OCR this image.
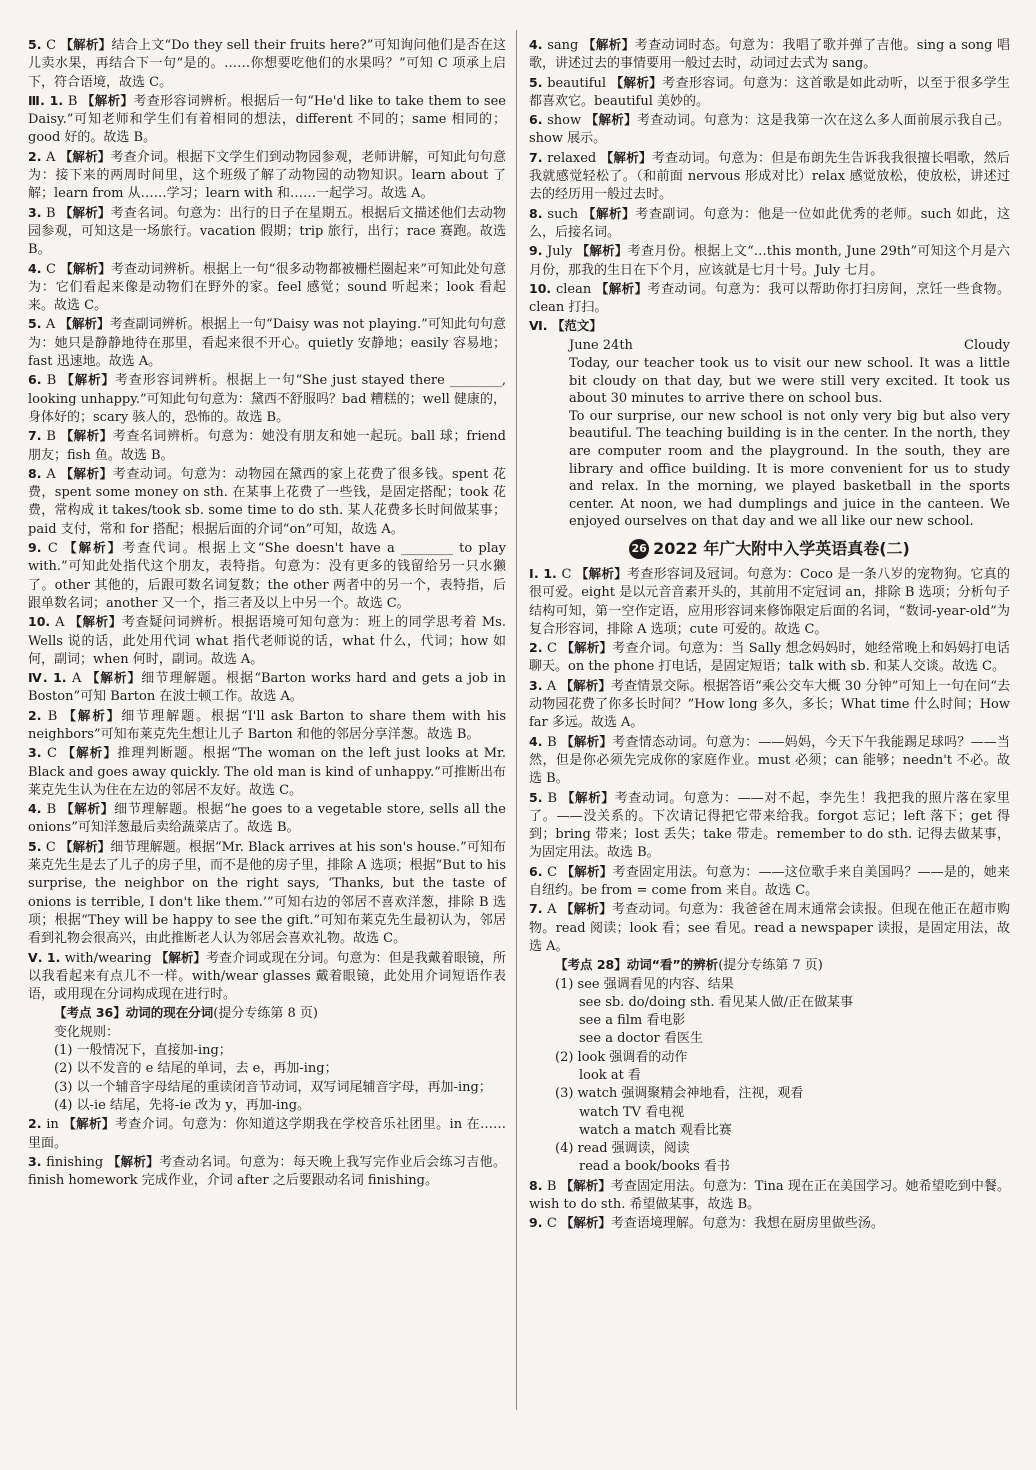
5. C 【解析】结合上文“Do they sell their fruits here?”可知询问他们是否在这儿卖水果，再结合下一句“是的。……你想要吃他们的水果吗？”可知 C 项承上启下，符合语境，故选 C。

Ⅲ. 1. B 【解析】考查形容词辨析。根据后一句“He'd like to take them to see Daisy.”可知老师和学生们有着相同的想法，different 不同的；same 相同的；good 好的。故选 B。

2. A 【解析】考查介词。根据下文学生们到动物园参观，老师讲解，可知此句句意为：接下来的两周时间里，这个班级了解了动物园的动物知识。learn about 了解；learn from 从……学习；learn with 和……一起学习。故选 A。

3. B 【解析】考查名词。句意为：出行的日子在星期五。根据后文描述他们去动物园参观，可知这是一场旅行。vacation 假期；trip 旅行，出行；race 赛跑。故选 B。

4. C 【解析】考查动词辨析。根据上一句“很多动物都被栅栏圈起来”可知此处句意为：它们看起来像是动物们在野外的家。feel 感觉；sound 听起来；look 看起来。故选 C。

5. A 【解析】考查副词辨析。根据上一句“Daisy was not playing.”可知此句句意为：她只是静静地待在那里，看起来很不开心。quietly 安静地；easily 容易地；fast 迅速地。故选 A。

6. B 【解析】考查形容词辨析。根据上一句“She just stayed there ________, looking unhappy.”可知此句句意为：黛西不舒服吗？bad 糟糕的；well 健康的，身体好的；scary 骇人的，恐怖的。故选 B。

7. B 【解析】考查名词辨析。句意为：她没有朋友和她一起玩。ball 球；friend 朋友；fish 鱼。故选 B。

8. A 【解析】考查动词。句意为：动物园在黛西的家上花费了很多钱。spent 花费，spent some money on sth. 在某事上花费了一些钱，是固定搭配；took 花费，常构成 it takes/took sb. some time to do sth. 某人花费多长时间做某事；paid 支付，常和 for 搭配；根据后面的介词“on”可知，故选 A。

9. C 【解析】考查代词。根据上文“She doesn't have a ________ to play with.”可知此处指代这个朋友，表特指。句意为：没有更多的钱留给另一只水獭了。other 其他的，后跟可数名词复数；the other 两者中的另一个，表特指，后跟单数名词；another 又一个，指三者及以上中另一个。故选 C。

10. A 【解析】考查疑问词辨析。根据语境可知句意为：班上的同学思考着 Ms. Wells 说的话，此处用代词 what 指代老师说的话，what 什么，代词；how 如何，副词；when 何时，副词。故选 A。

Ⅳ. 1. A 【解析】细节理解题。根据“Barton works hard and gets a job in Boston”可知 Barton 在波士顿工作。故选 A。

2. B 【解析】细节理解题。根据“I'll ask Barton to share them with his neighbors”可知布莱克先生想让儿子 Barton 和他的邻居分享洋葱。故选 B。

3. C 【解析】推理判断题。根据“The woman on the left just looks at Mr. Black and goes away quickly. The old man is kind of unhappy.”可推断出布莱克先生认为住在左边的邻居不友好。故选 C。

4. B 【解析】细节理解题。根据“he goes to a vegetable store, sells all the onions”可知洋葱最后卖给蔬菜店了。故选 B。

5. C 【解析】细节理解题。根据“Mr. Black arrives at his son's house.”可知布莱克先生是去了儿子的房子里，而不是他的房子里，排除 A 选项；根据“But to his surprise, the neighbor on the right says, ‘Thanks, but the taste of onions is terrible, I don't like them.’”可知右边的邻居不喜欢洋葱，排除 B 选项；根据“They will be happy to see the gift.”可知布莱克先生最初认为，邻居看到礼物会很高兴，由此推断老人认为邻居会喜欢礼物。故选 C。

Ⅴ. 1. with/wearing 【解析】考查介词或现在分词。句意为：但是我戴着眼镜，所以我看起来有点儿不一样。with/wear glasses 戴着眼镜，此处用介词短语作表语，或用现在分词构成现在进行时。

【考点 36】动词的现在分词(提分专练第 8 页)

变化规则：

(1) 一般情况下，直接加-ing；

(2) 以不发音的 e 结尾的单词，去 e，再加-ing；

(3) 以一个辅音字母结尾的重读闭音节动词，双写词尾辅音字母，再加-ing；

(4) 以-ie 结尾，先将-ie 改为 y，再加-ing。

2. in 【解析】考查介词。句意为：你知道这学期我在学校音乐社团里。in 在……里面。

3. finishing 【解析】考查动名词。句意为：每天晚上我写完作业后会练习吉他。finish homework 完成作业，介词 after 之后要跟动名词 finishing。

4. sang 【解析】考查动词时态。句意为：我唱了歌并弹了吉他。sing a song 唱歌，讲述过去的事情要用一般过去时，动词过去式为 sang。

5. beautiful 【解析】考查形容词。句意为：这首歌是如此动听，以至于很多学生都喜欢它。beautiful 美妙的。

6. show 【解析】考查动词。句意为：这是我第一次在这么多人面前展示我自己。show 展示。

7. relaxed 【解析】考查动词。句意为：但是布朗先生告诉我我很擅长唱歌，然后我就感觉轻松了。（和前面 nervous 形成对比）relax 感觉放松，使放松，讲述过去的经历用一般过去时。

8. such 【解析】考查副词。句意为：他是一位如此优秀的老师。such 如此，这么，后接名词。

9. July 【解析】考查月份。根据上文“…this month, June 29th”可知这个月是六月份，那我的生日在下个月，应该就是七月十号。July 七月。

10. clean 【解析】考查动词。句意为：我可以帮助你打扫房间，烹饪一些食物。clean 打扫。

Ⅵ. 【范文】

June 24th	Cloudy

Today, our teacher took us to visit our new school. It was a little bit cloudy on that day, but we were still very excited. It took us about 30 minutes to arrive there on school bus.

To our surprise, our new school is not only very big but also very beautiful. The teaching building is in the center. In the north, they are computer room and the playground. In the south, they are library and office building. It is more convenient for us to study and relax. In the morning, we played basketball in the sports center. At noon, we had dumplings and juice in the canteen. We enjoyed ourselves on that day and we all like our new school.

26 2022 年广大附中入学英语真卷(二)

Ⅰ. 1. C 【解析】考查形容词及冠词。句意为：Coco 是一条八岁的宠物狗。它真的很可爱。eight 是以元音音素开头的，其前用不定冠词 an，排除 B 选项；分析句子结构可知，第一空作定语，应用形容词来修饰限定后面的名词，“数词-year-old”为复合形容词，排除 A 选项；cute 可爱的。故选 C。

2. C 【解析】考查介词。句意为：当 Sally 想念妈妈时，她经常晚上和妈妈打电话聊天。on the phone 打电话，是固定短语；talk with sb. 和某人交谈。故选 C。

3. A 【解析】考查情景交际。根据答语“乘公交车大概 30 分钟”可知上一句在问“去动物园花费了你多长时间？”How long 多久，多长；What time 什么时间；How far 多远。故选 A。

4. B 【解析】考查情态动词。句意为：——妈妈，今天下午我能踢足球吗？——当然，但是你必须先完成你的家庭作业。must 必须；can 能够；needn't 不必。故选 B。

5. B 【解析】考查动词。句意为：——对不起，李先生！我把我的照片落在家里了。——没关系的。下次请记得把它带来给我。forgot 忘记；left 落下；get 得到；bring 带来；lost 丢失；take 带走。remember to do sth. 记得去做某事，为固定用法。故选 B。

6. C 【解析】考查固定用法。句意为：——这位歌手来自美国吗？——是的，她来自纽约。be from = come from 来自。故选 C。

7. A 【解析】考查动词。句意为：我爸爸在周末通常会读报。但现在他正在超市购物。read 阅读；look 看；see 看见。read a newspaper 读报，是固定用法，故选 A。

【考点 28】动词“看”的辨析(提分专练第 7 页)

(1) see 强调看见的内容、结果

see sb. do/doing sth. 看见某人做/正在做某事

see a film 看电影

see a doctor 看医生

(2) look 强调看的动作

look at 看

(3) watch 强调聚精会神地看，注视，观看

watch TV 看电视

watch a match 观看比赛

(4) read 强调读，阅读

read a book/books 看书

8. B 【解析】考查固定用法。句意为：Tina 现在正在美国学习。她希望吃到中餐。wish to do sth. 希望做某事，故选 B。

9. C 【解析】考查语境理解。句意为：我想在厨房里做些汤。
